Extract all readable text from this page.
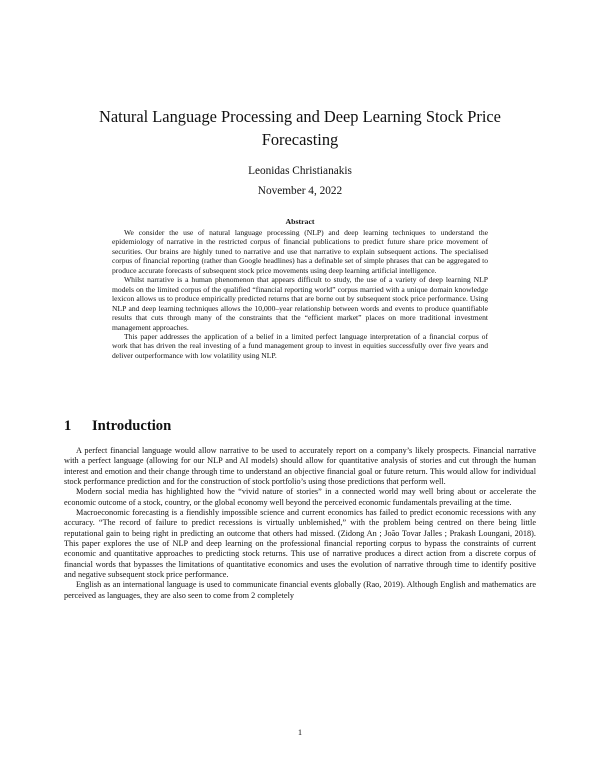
Natural Language Processing and Deep Learning Stock Price Forecasting
Leonidas Christianakis
November 4, 2022
Abstract

We consider the use of natural language processing (NLP) and deep learning techniques to understand the epidemiology of narrative in the restricted corpus of financial publications to predict future share price movement of securities. Our brains are highly tuned to narrative and use that narrative to explain subsequent actions. The specialised corpus of financial reporting (rather than Google headlines) has a definable set of simple phrases that can be aggregated to produce accurate forecasts of subsequent stock price movements using deep learning artificial intelligence.

Whilst narrative is a human phenomenon that appears difficult to study, the use of a variety of deep learning NLP models on the limited corpus of the qualified “financial reporting world” corpus married with a unique domain knowledge lexicon allows us to produce empirically predicted returns that are borne out by subsequent stock price performance. Using NLP and deep learning techniques allows the 10,000–year relationship between words and events to produce quantifiable results that cuts through many of the constraints that the “efficient market” places on more traditional investment management approaches.

This paper addresses the application of a belief in a limited perfect language interpretation of a financial corpus of work that has driven the real investing of a fund management group to invest in equities successfully over five years and deliver outperformance with low volatility using NLP.

1 Introduction

A perfect financial language would allow narrative to be used to accurately report on a company’s likely prospects. Financial narrative with a perfect language (allowing for our NLP and AI models) should allow for quantitative analysis of stories and cut through the human interest and emotion and their change through time to understand an objective financial goal or future return. This would allow for individual stock performance prediction and for the construction of stock portfolio’s using those predictions that perform well.

Modern social media has highlighted how the “vivid nature of stories” in a connected world may well bring about or accelerate the economic outcome of a stock, country, or the global economy well beyond the perceived economic fundamentals prevailing at the time.

Macroeconomic forecasting is a fiendishly impossible science and current economics has failed to predict economic recessions with any accuracy. “The record of failure to predict recessions is virtually unblemished,” with the problem being centred on there being little reputational gain to being right in predicting an outcome that others had missed. (Zidong An ; João Tovar Jalles ; Prakash Loungani, 2018). This paper explores the use of NLP and deep learning on the professional financial reporting corpus to bypass the constraints of current economic and quantitative approaches to predicting stock returns. This use of narrative produces a direct action from a discrete corpus of financial words that bypasses the limitations of quantitative economics and uses the evolution of narrative through time to identify positive and negative subsequent stock price performance.

English as an international language is used to communicate financial events globally (Rao, 2019). Although English and mathematics are perceived as languages, they are also seen to come from 2 completely

1
